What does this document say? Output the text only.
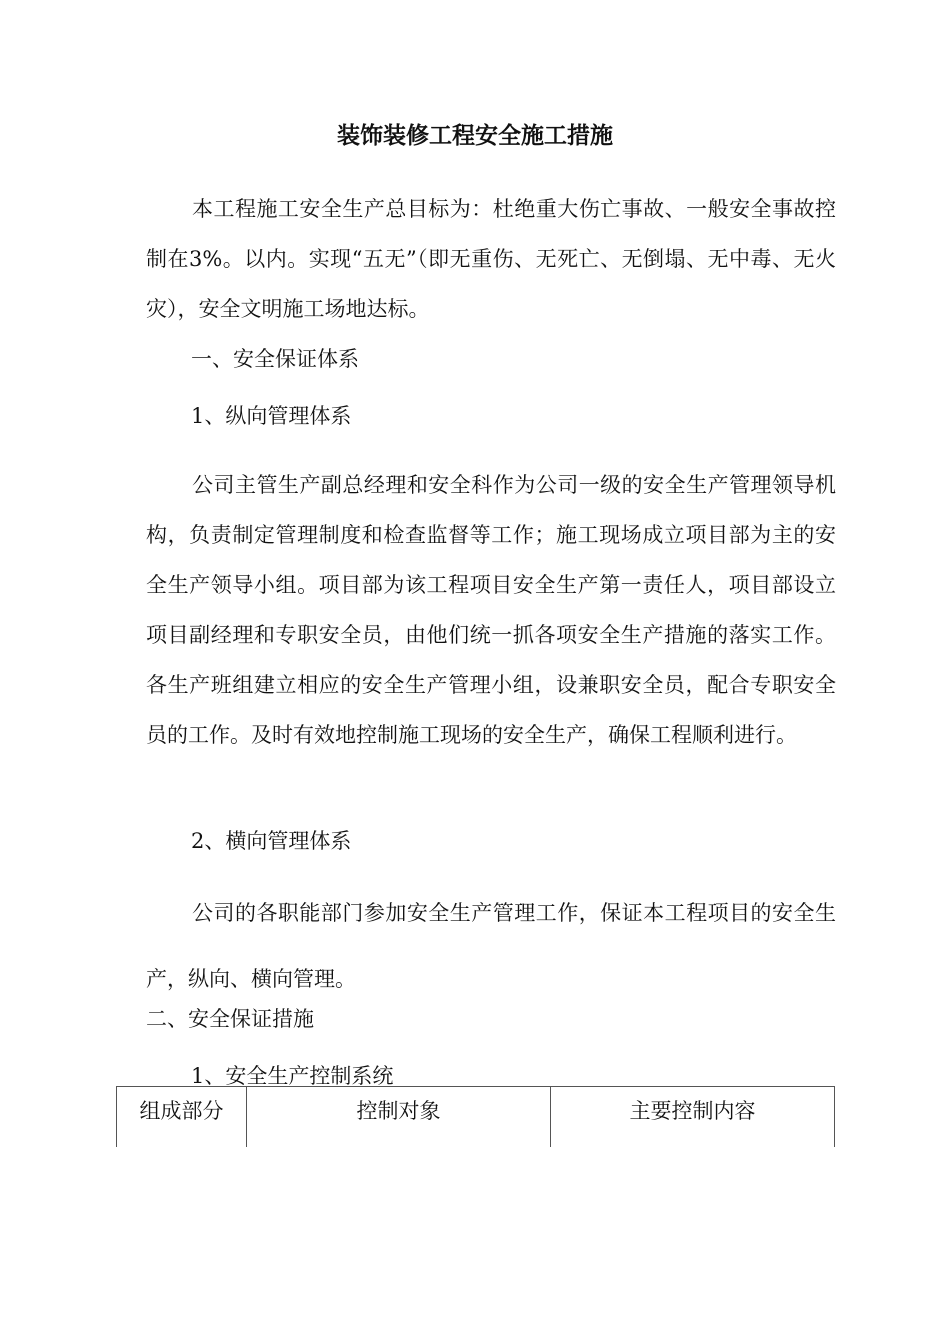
装饰装修工程安全施工措施

本工程施工安全生产总目标为：杜绝重大伤亡事故、一般安全事故控制在3%。以内。实现“五无”（即无重伤、无死亡、无倒塌、无中毒、无火灾），安全文明施工场地达标。

一、安全保证体系
1、纵向管理体系

公司主管生产副总经理和安全科作为公司一级的安全生产管理领导机构，负责制定管理制度和检查监督等工作；施工现场成立项目部为主的安全生产领导小组。项目部为该工程项目安全生产第一责任人，项目部设立项目副经理和专职安全员，由他们统一抓各项安全生产措施的落实工作。各生产班组建立相应的安全生产管理小组，设兼职安全员，配合专职安全员的工作。及时有效地控制施工现场的安全生产，确保工程顺利进行。

2、横向管理体系

公司的各职能部门参加安全生产管理工作，保证本工程项目的安全生产，纵向、横向管理。

二、安全保证措施
1、安全生产控制系统
组成部分	控制对象	主要控制内容
